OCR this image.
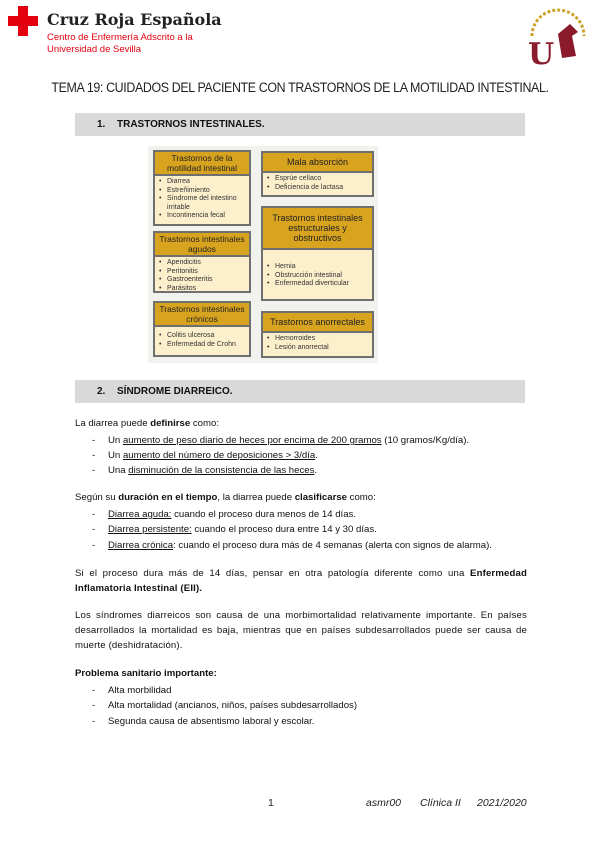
Cruz Roja Española
Centro de Enfermería Adscrito a la
Universidad de Sevilla	U
TEMA 19: CUIDADOS DEL PACIENTE CON TRASTORNOS DE LA MOTILIDAD INTESTINAL.
1. TRASTORNOS INTESTINALES.
Trastornos de la motilidad intestinal
• Diarrea
• Estreñimiento
• Síndrome del intestino irritable
• Incontinencia fecal
Trastornos intestinales agudos
• Apendicitis
• Peritonitis
• Gastroenteritis
• Parásitos
Trastornos intestinales crónicos
• Colitis ulcerosa
• Enfermedad de Crohn
Mala absorción
• Esprúe celíaco
• Deficiencia de lactasa
Trastornos intestinales estructurales y obstructivos
• Hernia
• Obstrucción intestinal
• Enfermedad diverticular
Trastornos anorrectales
• Hemorroides
• Lesión anorrectal
2. SÍNDROME DIARREICO.
La diarrea puede definirse como:
- Un aumento de peso diario de heces por encima de 200 gramos (10 gramos/Kg/día).
- Un aumento del número de deposiciones > 3/día.
- Una disminución de la consistencia de las heces.
Según su duración en el tiempo, la diarrea puede clasificarse como:
- Diarrea aguda: cuando el proceso dura menos de 14 días.
- Diarrea persistente: cuando el proceso dura entre 14 y 30 días.
- Diarrea crónica: cuando el proceso dura más de 4 semanas (alerta con signos de alarma).
Si el proceso dura más de 14 días, pensar en otra patología diferente como una Enfermedad Inflamatoria Intestinal (EII).
Los síndromes diarreicos son causa de una morbimortalidad relativamente importante. En países desarrollados la mortalidad es baja, mientras que en países subdesarrollados puede ser causa de muerte (deshidratación).
Problema sanitario importante:
- Alta morbilidad
- Alta mortalidad (ancianos, niños, países subdesarrollados)
- Segunda causa de absentismo laboral y escolar.
1	asmr00 Clínica II 2021/2020
